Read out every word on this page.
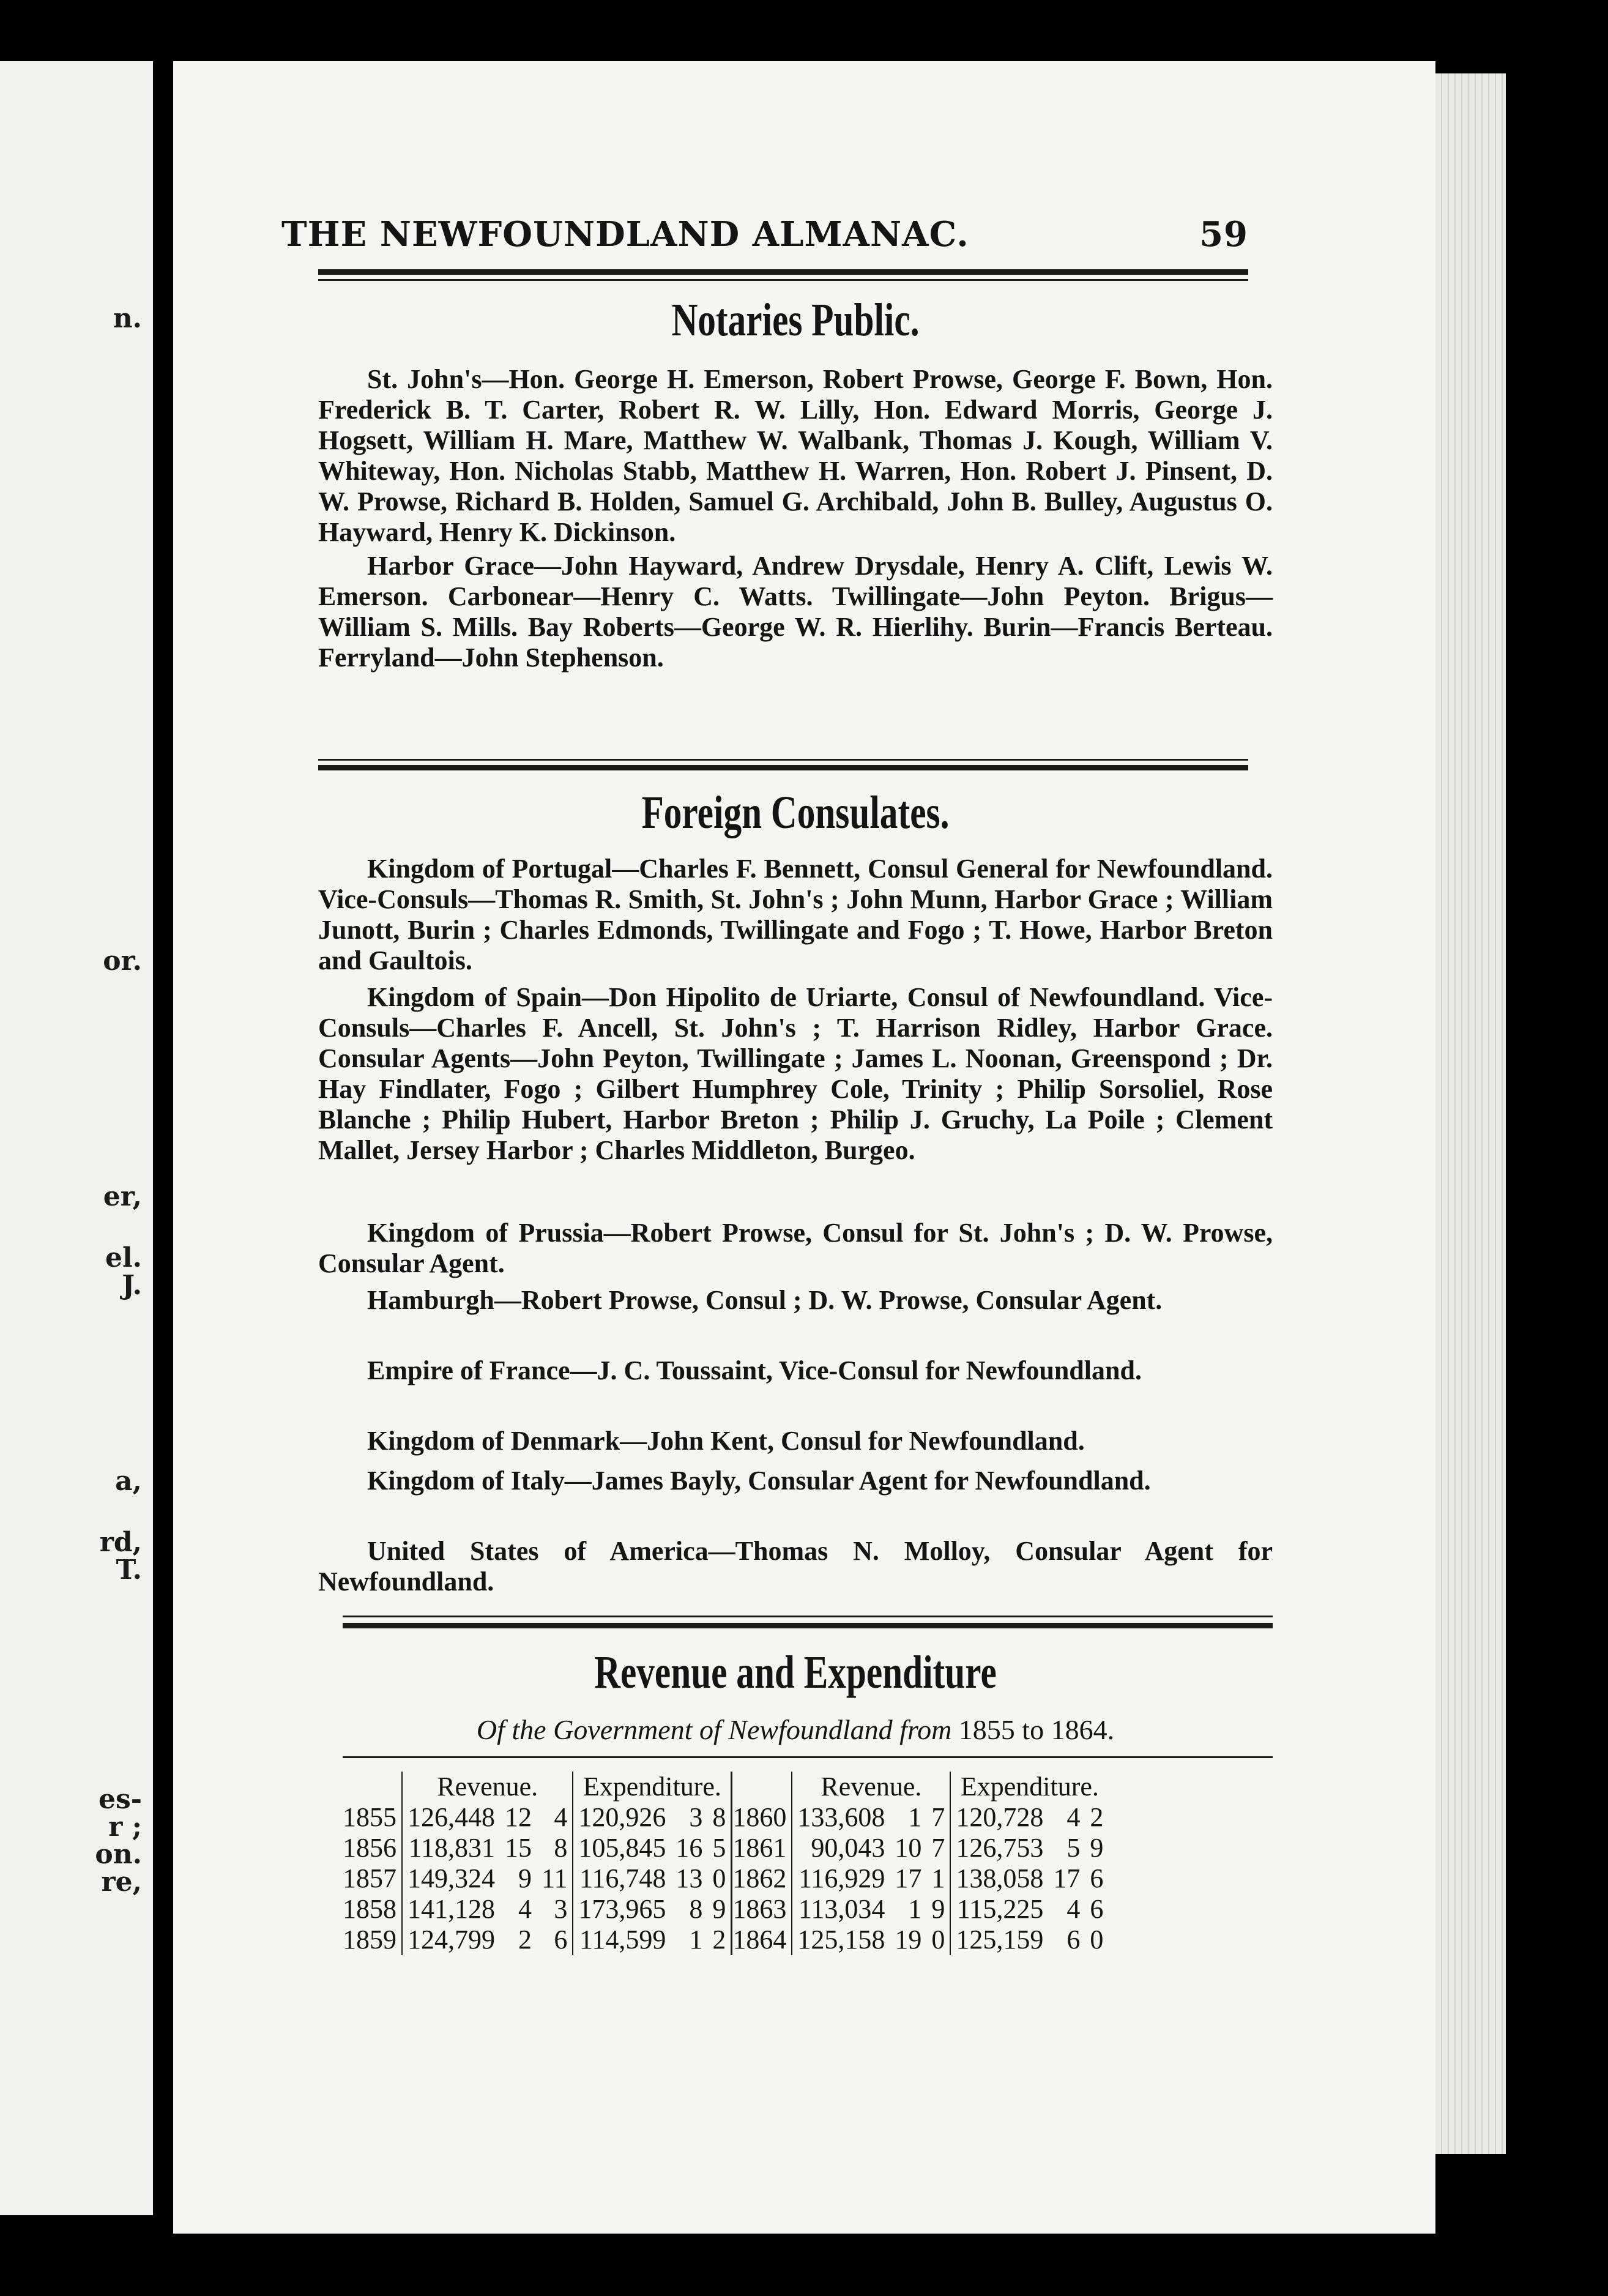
n.
or.
er,
el.
J.
a,
rd,
T.
es-
r ;
on.
re,
THE NEWFOUNDLAND ALMANAC.	59
Notaries Public.
St. John's—Hon. George H. Emerson, Robert Prowse, George F. Bown, Hon. Frederick B. T. Carter, Robert R. W. Lilly, Hon. Edward Morris, George J. Hogsett, William H. Mare, Matthew W. Walbank, Thomas J. Kough, William V. Whiteway, Hon. Nicholas Stabb, Matthew H. Warren, Hon. Robert J. Pinsent, D. W. Prowse, Richard B. Holden, Samuel G. Archibald, John B. Bulley, Augustus O. Hayward, Henry K. Dickinson.
Harbor Grace—John Hayward, Andrew Drysdale, Henry A. Clift, Lewis W. Emerson. Carbonear—Henry C. Watts. Twillingate—John Peyton. Brigus—William S. Mills. Bay Roberts—George W. R. Hierlihy. Burin—Francis Berteau. Ferryland—John Stephenson.
Foreign Consulates.
Kingdom of Portugal—Charles F. Bennett, Consul General for Newfoundland. Vice-Consuls—Thomas R. Smith, St. John's ; John Munn, Harbor Grace ; William Junott, Burin ; Charles Edmonds, Twillingate and Fogo ; T. Howe, Harbor Breton and Gaultois.
Kingdom of Spain—Don Hipolito de Uriarte, Consul of Newfoundland. Vice-Consuls—Charles F. Ancell, St. John's ; T. Harrison Ridley, Harbor Grace. Consular Agents—John Peyton, Twillingate ; James L. Noonan, Greenspond ; Dr. Hay Findlater, Fogo ; Gilbert Humphrey Cole, Trinity ; Philip Sorsoliel, Rose Blanche ; Philip Hubert, Harbor Breton ; Philip J. Gruchy, La Poile ; Clement Mallet, Jersey Harbor ; Charles Middleton, Burgeo.
Kingdom of Prussia—Robert Prowse, Consul for St. John's ; D. W. Prowse, Consular Agent.
Hamburgh—Robert Prowse, Consul ; D. W. Prowse, Consular Agent.
Empire of France—J. C. Toussaint, Vice-Consul for Newfoundland.
Kingdom of Denmark—John Kent, Consul for Newfoundland.
Kingdom of Italy—James Bayly, Consular Agent for Newfoundland.
United States of America—Thomas N. Molloy, Consular Agent for Newfoundland.
Revenue and Expenditure
Of the Government of Newfoundland from 1855 to 1864.
	Revenue.			Expenditure.				Revenue.			Expenditure.		
1855	126,448	12	4	120,926	3	8	1860	133,608	1	7	120,728	4	2
1856	118,831	15	8	105,845	16	5	1861	90,043	10	7	126,753	5	9
1857	149,324	9	11	116,748	13	0	1862	116,929	17	1	138,058	17	6
1858	141,128	4	3	173,965	8	9	1863	113,034	1	9	115,225	4	6
1859	124,799	2	6	114,599	1	2	1864	125,158	19	0	125,159	6	0
